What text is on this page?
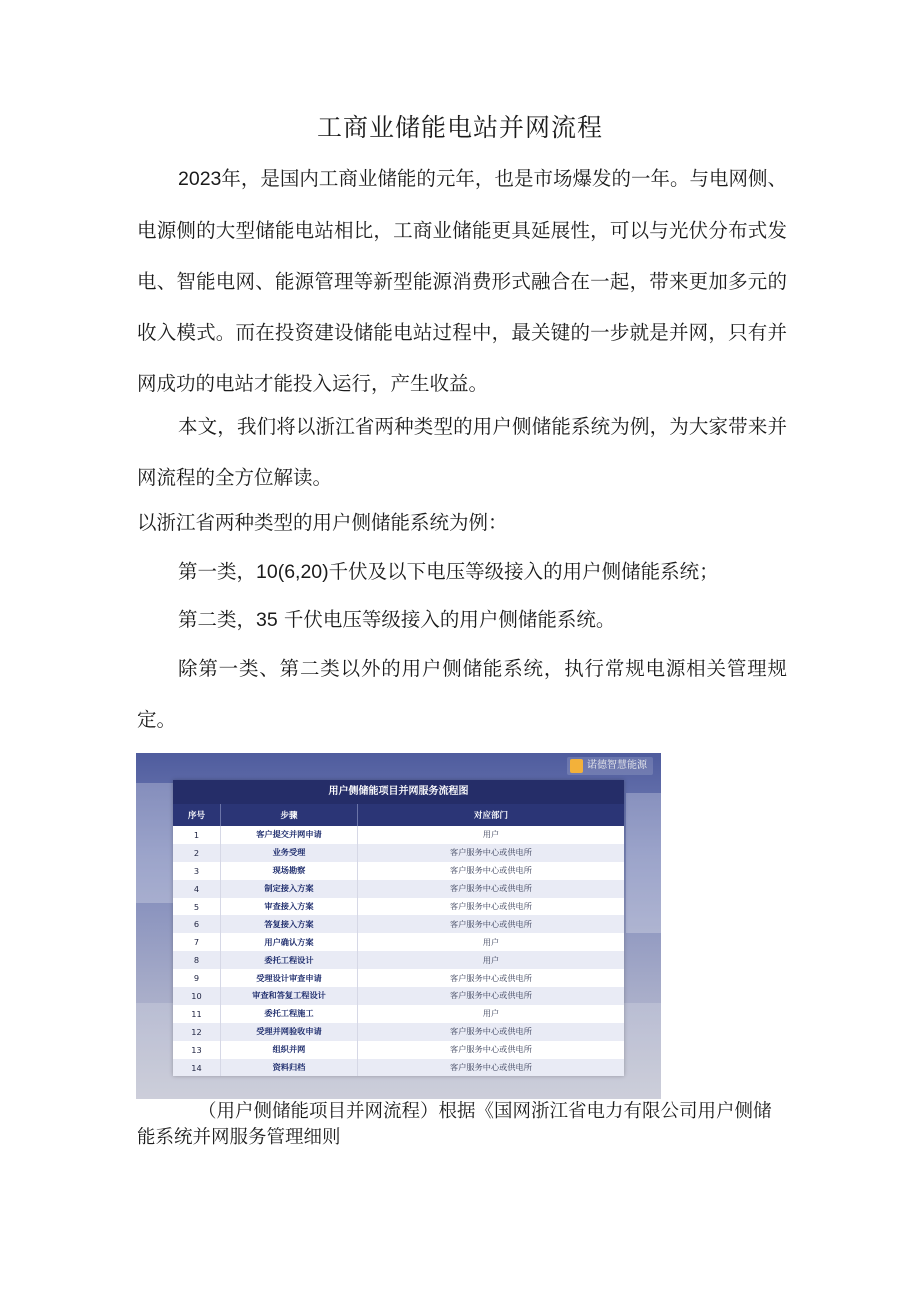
工商业储能电站并网流程

2023年，是国内工商业储能的元年，也是市场爆发的一年。与电网侧、电源侧的大型储能电站相比，工商业储能更具延展性，可以与光伏分布式发电、智能电网、能源管理等新型能源消费形式融合在一起，带来更加多元的收入模式。而在投资建设储能电站过程中，最关键的一步就是并网，只有并网成功的电站才能投入运行，产生收益。

本文，我们将以浙江省两种类型的用户侧储能系统为例，为大家带来并网流程的全方位解读。

以浙江省两种类型的用户侧储能系统为例：
第一类，10(6,20)千伏及以下电压等级接入的用户侧储能系统；
第二类，35 千伏电压等级接入的用户侧储能系统。

除第一类、第二类以外的用户侧储能系统，执行常规电源相关管理规定。

诺德智慧能源
用户侧储能项目并网服务流程图
序号	步骤	对应部门
1	客户提交并网申请	用户
2	业务受理	客户服务中心或供电所
3	现场勘察	客户服务中心或供电所
4	制定接入方案	客户服务中心或供电所
5	审查接入方案	客户服务中心或供电所
6	答复接入方案	客户服务中心或供电所
7	用户确认方案	用户
8	委托工程设计	用户
9	受理设计审查申请	客户服务中心或供电所
10	审查和答复工程设计	客户服务中心或供电所
11	委托工程施工	用户
12	受理并网验收申请	客户服务中心或供电所
13	组织并网	客户服务中心或供电所
14	资料归档	客户服务中心或供电所

（用户侧储能项目并网流程）根据《国网浙江省电力有限公司用户侧储能系统并网服务管理细则
